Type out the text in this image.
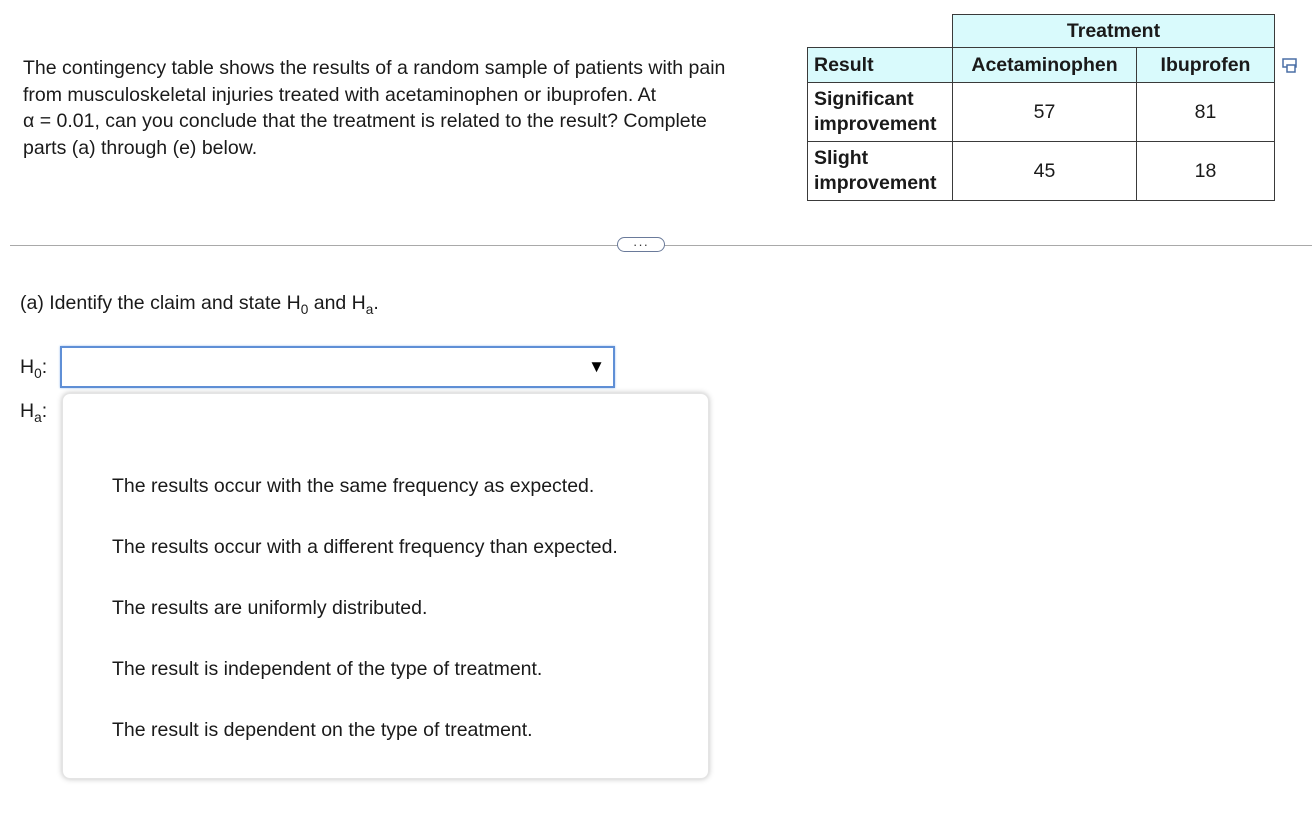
The contingency table shows the results of a random sample of patients with pain
from musculoskeletal injuries treated with acetaminophen or ibuprofen. At
α = 0.01, can you conclude that the treatment is related to the result? Complete
parts (a) through (e) below.
	Treatment	
Result	Acetaminophen	Ibuprofen

Significant
improvement	57	81

Slight
improvement	45	18
···

(a) Identify the claim and state $H_0$ and $H_a$.

$H_0$:
$H_a$:
▼
The results occur with the same frequency as expected.
The results occur with a different frequency than expected.
The results are uniformly distributed.
The result is independent of the type of treatment.
The result is dependent on the type of treatment.
